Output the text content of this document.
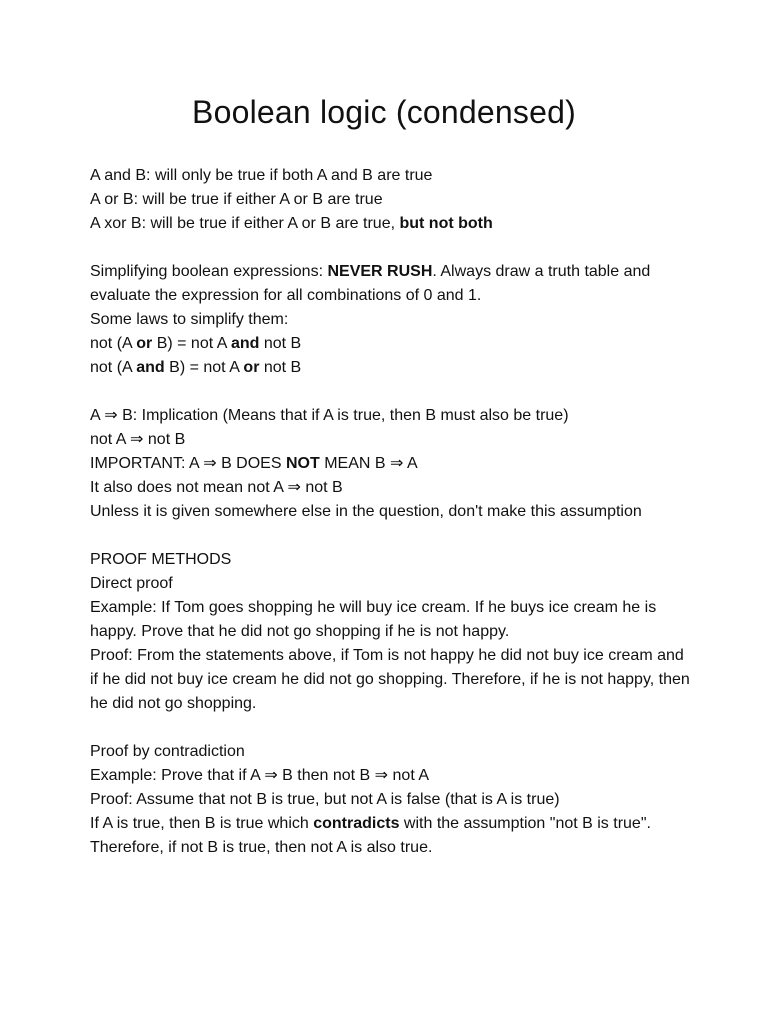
Boolean logic (condensed)

A and B: will only be true if both A and B are true

A or B: will be true if either A or B are true

A xor B: will be true if either A or B are true, but not both

Simplifying boolean expressions: NEVER RUSH. Always draw a truth table and evaluate the expression for all combinations of 0 and 1.

Some laws to simplify them:

not (A or B) = not A and not B

not (A and B) = not A or not B

A ⇒ B: Implication (Means that if A is true, then B must also be true)

not A ⇒ not B

IMPORTANT: A ⇒ B DOES NOT MEAN B ⇒ A

It also does not mean not A ⇒ not B

Unless it is given somewhere else in the question, don't make this assumption

PROOF METHODS

Direct proof

Example: If Tom goes shopping he will buy ice cream. If he buys ice cream he is happy. Prove that he did not go shopping if he is not happy.

Proof: From the statements above, if Tom is not happy he did not buy ice cream and if he did not buy ice cream he did not go shopping. Therefore, if he is not happy, then he did not go shopping.

Proof by contradiction

Example: Prove that if A ⇒ B then not B ⇒ not A

Proof: Assume that not B is true, but not A is false (that is A is true)

If A is true, then B is true which contradicts with the assumption "not B is true".

Therefore, if not B is true, then not A is also true.
